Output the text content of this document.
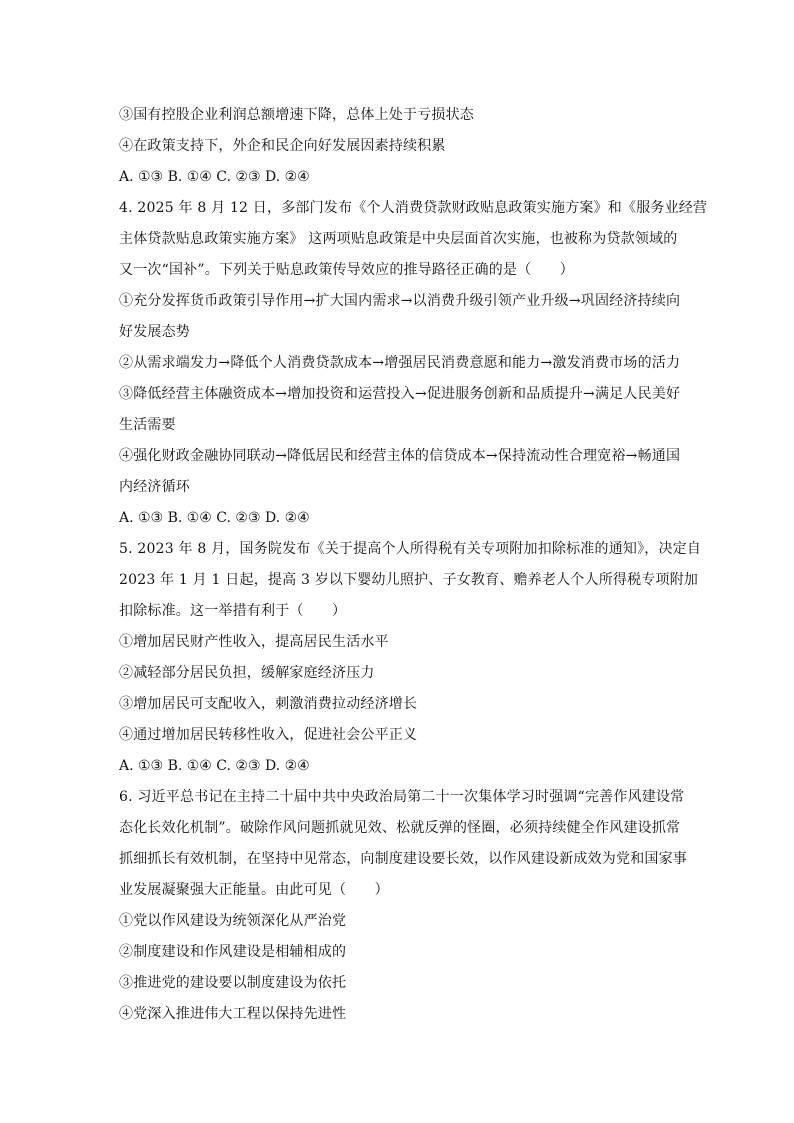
③国有控股企业利润总额增速下降，总体上处于亏损状态
④在政策支持下，外企和民企向好发展因素持续积累
A. ①③ B. ①④ C. ②③ D. ②④
4. 2025 年 8 月 12 日，多部门发布《个人消费贷款财政贴息政策实施方案》和《服务业经营
主体贷款贴息政策实施方案》 这两项贴息政策是中央层面首次实施，也被称为贷款领域的
又一次“国补”。下列关于贴息政策传导效应的推导路径正确的是（　　）
①充分发挥货币政策引导作用→扩大国内需求→以消费升级引领产业升级→巩固经济持续向
好发展态势
②从需求端发力→降低个人消费贷款成本→增强居民消费意愿和能力→激发消费市场的活力
③降低经营主体融资成本→增加投资和运营投入→促进服务创新和品质提升→满足人民美好
生活需要
④强化财政金融协同联动→降低居民和经营主体的信贷成本→保持流动性合理宽裕→畅通国
内经济循环
A. ①③ B. ①④ C. ②③ D. ②④
5. 2023 年 8 月，国务院发布《关于提高个人所得税有关专项附加扣除标准的通知》，决定自
2023 年 1 月 1 日起，提高 3 岁以下婴幼儿照护、子女教育、赡养老人个人所得税专项附加
扣除标准。这一举措有利于（　　）
①增加居民财产性收入，提高居民生活水平
②减轻部分居民负担，缓解家庭经济压力
③增加居民可支配收入，刺激消费拉动经济增长
④通过增加居民转移性收入，促进社会公平正义
A. ①③ B. ①④ C. ②③ D. ②④
6. 习近平总书记在主持二十届中共中央政治局第二十一次集体学习时强调“完善作风建设常
态化长效化机制”。破除作风问题抓就见效、松就反弹的怪圈，必须持续健全作风建设抓常
抓细抓长有效机制，在坚持中见常态，向制度建设要长效，以作风建设新成效为党和国家事
业发展凝聚强大正能量。由此可见（　　）
①党以作风建设为统领深化从严治党
②制度建设和作风建设是相辅相成的
③推进党的建设要以制度建设为依托
④党深入推进伟大工程以保持先进性
